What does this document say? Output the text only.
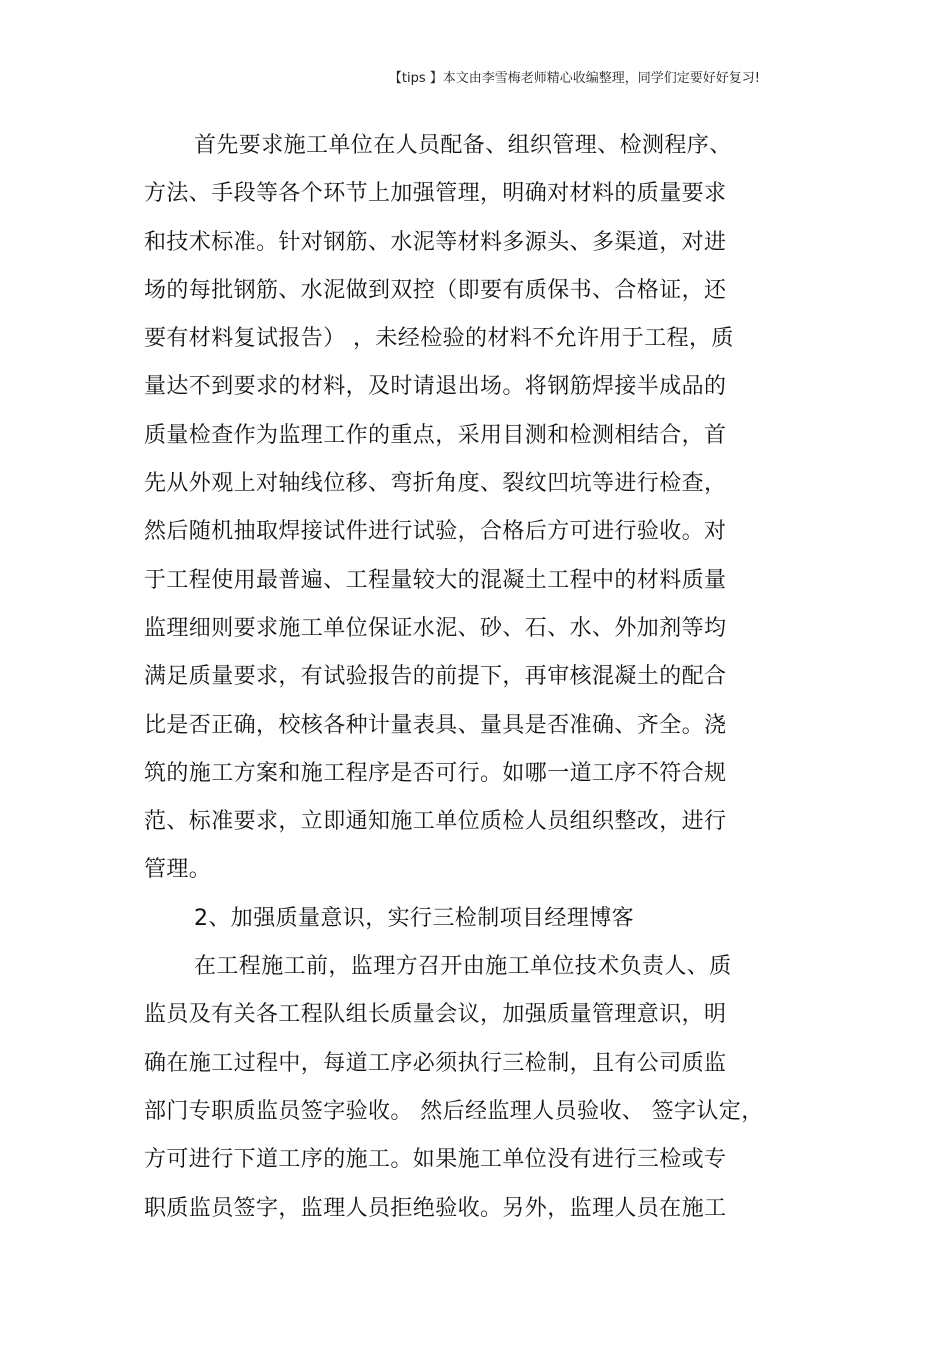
【tips 】本文由李雪梅老师精心收编整理，同学们定要好好复习!
首先要求施工单位在人员配备、组织管理、检测程序、
方法、手段等各个环节上加强管理，明确对材料的质量要求
和技术标准。针对钢筋、水泥等材料多源头、多渠道，对进
场的每批钢筋、水泥做到双控（即要有质保书、合格证，还
要有材料复试报告） ，未经检验的材料不允许用于工程，质
量达不到要求的材料，及时请退出场。将钢筋焊接半成品的
质量检查作为监理工作的重点，采用目测和检测相结合，首
先从外观上对轴线位移、弯折角度、裂纹凹坑等进行检查，
然后随机抽取焊接试件进行试验，合格后方可进行验收。对
于工程使用最普遍、工程量较大的混凝土工程中的材料质量
监理细则要求施工单位保证水泥、砂、石、水、外加剂等均
满足质量要求，有试验报告的前提下，再审核混凝土的配合
比是否正确，校核各种计量表具、量具是否准确、齐全。浇
筑的施工方案和施工程序是否可行。如哪一道工序不符合规
范、标准要求，立即通知施工单位质检人员组织整改，进行
管理。
2、加强质量意识，实行三检制项目经理博客
在工程施工前，监理方召开由施工单位技术负责人、质
监员及有关各工程队组长质量会议，加强质量管理意识，明
确在施工过程中，每道工序必须执行三检制，且有公司质监
部门专职质监员签字验收。 然后经监理人员验收、 签字认定，
方可进行下道工序的施工。如果施工单位没有进行三检或专
职质监员签字，监理人员拒绝验收。另外，监理人员在施工
